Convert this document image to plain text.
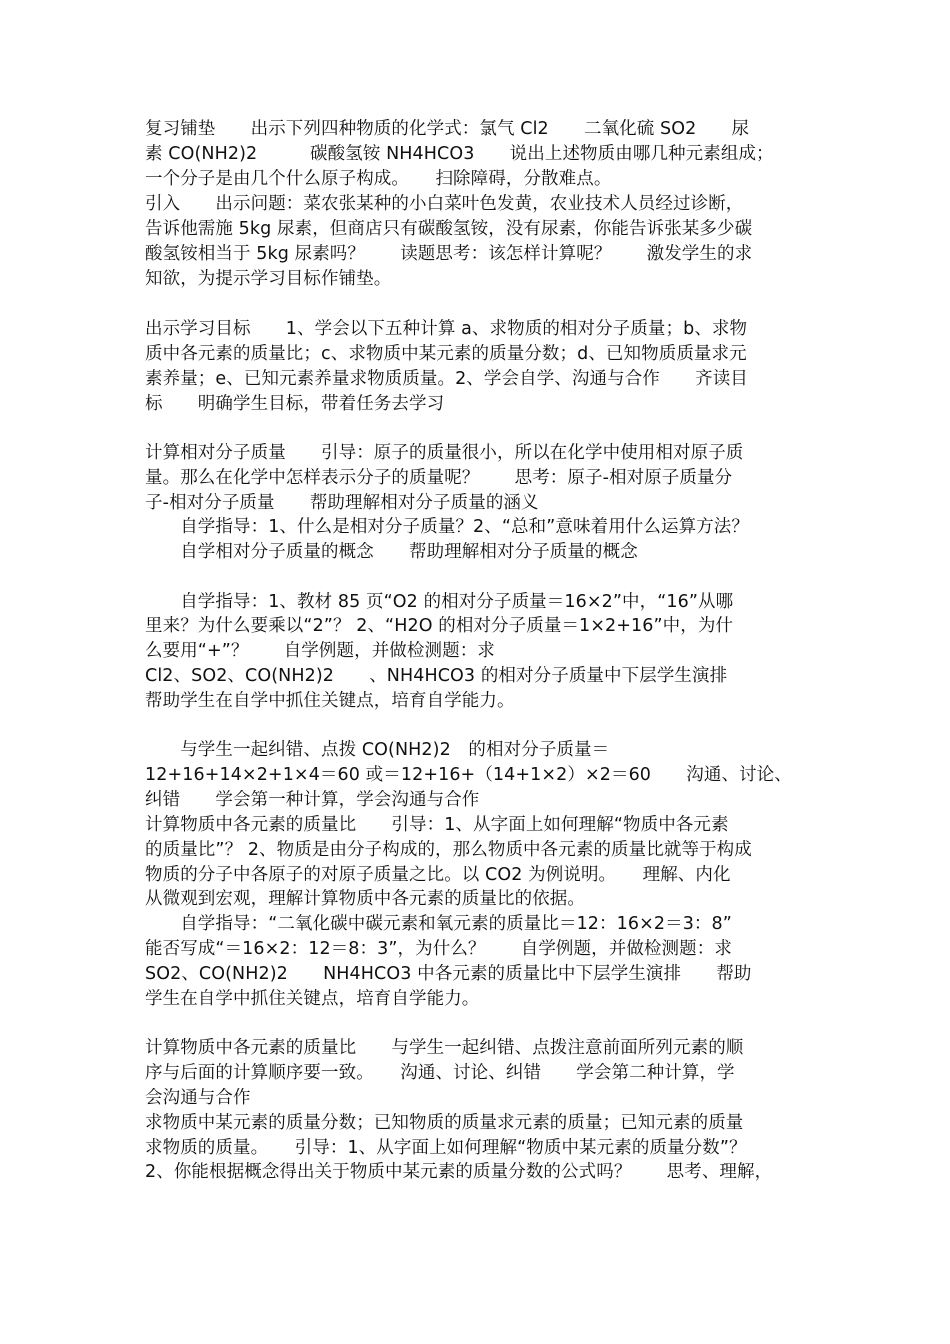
复习铺垫　　出示下列四种物质的化学式：氯气 Cl2　　二氧化硫 SO2　　尿
素 CO(NH2)2　　　碳酸氢铵 NH4HCO3　　说出上述物质由哪几种元素组成；
一个分子是由几个什么原子构成。　　扫除障碍，分散难点。
引入　　出示问题：菜农张某种的小白菜叶色发黄，农业技术人员经过诊断，
告诉他需施 5kg 尿素，但商店只有碳酸氢铵，没有尿素，你能告诉张某多少碳
酸氢铵相当于 5kg 尿素吗？　　读题思考：该怎样计算呢？　　激发学生的求
知欲，为提示学习目标作铺垫。
出示学习目标　　1、学会以下五种计算 a、求物质的相对分子质量；b、求物
质中各元素的质量比；c、求物质中某元素的质量分数；d、已知物质质量求元
素养量；e、已知元素养量求物质质量。2、学会自学、沟通与合作　　齐读目
标　　明确学生目标，带着任务去学习
计算相对分子质量　　引导：原子的质量很小，所以在化学中使用相对原子质
量。那么在化学中怎样表示分子的质量呢？　　思考：原子-相对原子质量分
子-相对分子质量　　帮助理解相对分子质量的涵义
　　自学指导：1、什么是相对分子质量？2、“总和”意味着用什么运算方法？
　　自学相对分子质量的概念　　帮助理解相对分子质量的概念
　　自学指导：1、教材 85 页“O2 的相对分子质量＝16×2”中，“16”从哪
里来？为什么要乘以“2”？ 2、“H2O 的相对分子质量＝1×2+16”中，为什
么要用“+”？　　自学例题，并做检测题：求
Cl2、SO2、CO(NH2)2　　、NH4HCO3 的相对分子质量中下层学生演排
帮助学生在自学中抓住关键点，培育自学能力。
　　与学生一起纠错、点拨 CO(NH2)2　的相对分子质量＝
12+16+14×2+1×4＝60 或＝12+16+（14+1×2）×2＝60　　沟通、讨论、
纠错　　学会第一种计算，学会沟通与合作
计算物质中各元素的质量比　　引导：1、从字面上如何理解“物质中各元素
的质量比”？ 2、物质是由分子构成的，那么物质中各元素的质量比就等于构成
物质的分子中各原子的对原子质量之比。以 CO2 为例说明。　　理解、内化
从微观到宏观，理解计算物质中各元素的质量比的依据。
　　自学指导：“二氧化碳中碳元素和氧元素的质量比＝12：16×2＝3：8”
能否写成“＝16×2：12＝8：3”，为什么？　　自学例题，并做检测题：求
SO2、CO(NH2)2　　NH4HCO3 中各元素的质量比中下层学生演排　　帮助
学生在自学中抓住关键点，培育自学能力。
计算物质中各元素的质量比　　与学生一起纠错、点拨注意前面所列元素的顺
序与后面的计算顺序要一致。　　沟通、讨论、纠错　　学会第二种计算，学
会沟通与合作
求物质中某元素的质量分数；已知物质的质量求元素的质量；已知元素的质量
求物质的质量。　　引导：1、从字面上如何理解“物质中某元素的质量分数”？
2、你能根据概念得出关于物质中某元素的质量分数的公式吗？　　思考、理解，
